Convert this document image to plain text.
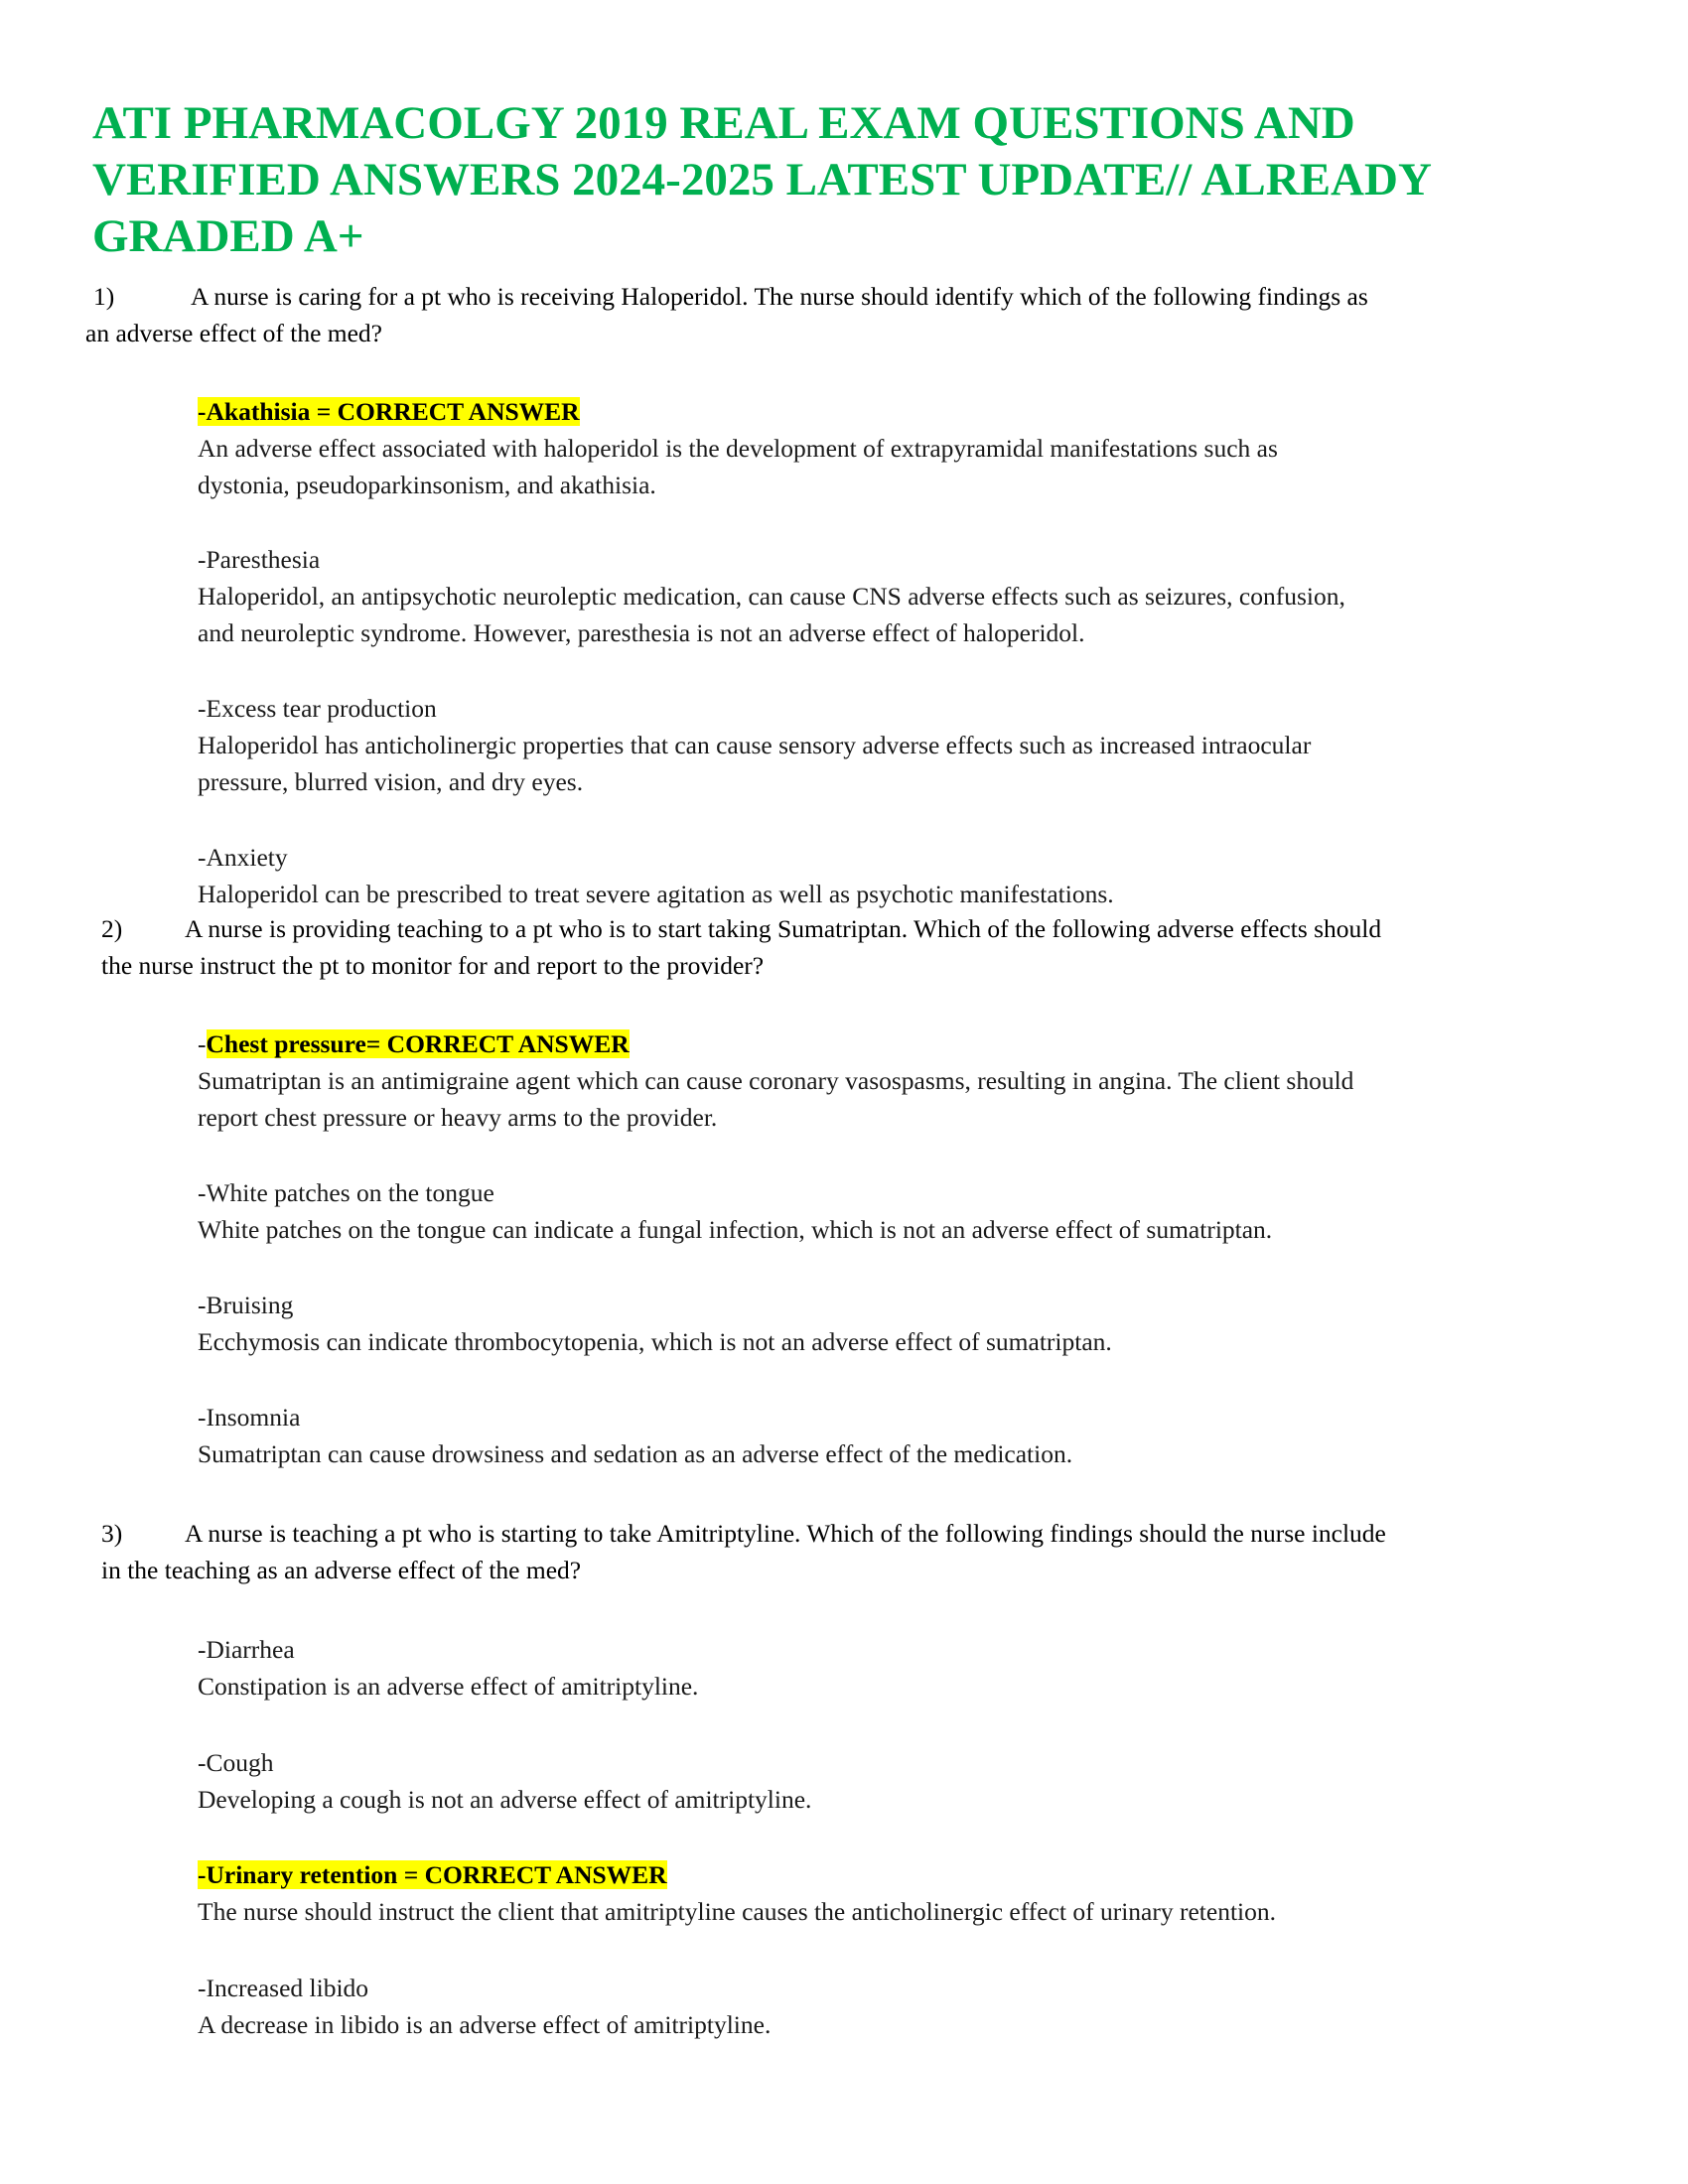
ATI PHARMACOLGY 2019 REAL EXAM QUESTIONS AND
VERIFIED ANSWERS 2024-2025 LATEST UPDATE// ALREADY
GRADED A+
1)	A nurse is caring for a pt who is receiving Haloperidol. The nurse should identify which of the following findings as
an adverse effect of the med?
-Akathisia = CORRECT ANSWER
An adverse effect associated with haloperidol is the development of extrapyramidal manifestations such as
dystonia, pseudoparkinsonism, and akathisia.
-Paresthesia
Haloperidol, an antipsychotic neuroleptic medication, can cause CNS adverse effects such as seizures, confusion,
and neuroleptic syndrome. However, paresthesia is not an adverse effect of haloperidol.
-Excess tear production
Haloperidol has anticholinergic properties that can cause sensory adverse effects such as increased intraocular
pressure, blurred vision, and dry eyes.
-Anxiety
Haloperidol can be prescribed to treat severe agitation as well as psychotic manifestations.
2) A nurse is providing teaching to a pt who is to start taking Sumatriptan. Which of the following adverse effects should
the nurse instruct the pt to monitor for and report to the provider?
-Chest pressure= CORRECT ANSWER
Sumatriptan is an antimigraine agent which can cause coronary vasospasms, resulting in angina. The client should
report chest pressure or heavy arms to the provider.
-White patches on the tongue
White patches on the tongue can indicate a fungal infection, which is not an adverse effect of sumatriptan.
-Bruising
Ecchymosis can indicate thrombocytopenia, which is not an adverse effect of sumatriptan.
-Insomnia
Sumatriptan can cause drowsiness and sedation as an adverse effect of the medication.
3) A nurse is teaching a pt who is starting to take Amitriptyline. Which of the following findings should the nurse include
in the teaching as an adverse effect of the med?
-Diarrhea
Constipation is an adverse effect of amitriptyline.
-Cough
Developing a cough is not an adverse effect of amitriptyline.
-Urinary retention = CORRECT ANSWER
The nurse should instruct the client that amitriptyline causes the anticholinergic effect of urinary retention.
-Increased libido
A decrease in libido is an adverse effect of amitriptyline.
